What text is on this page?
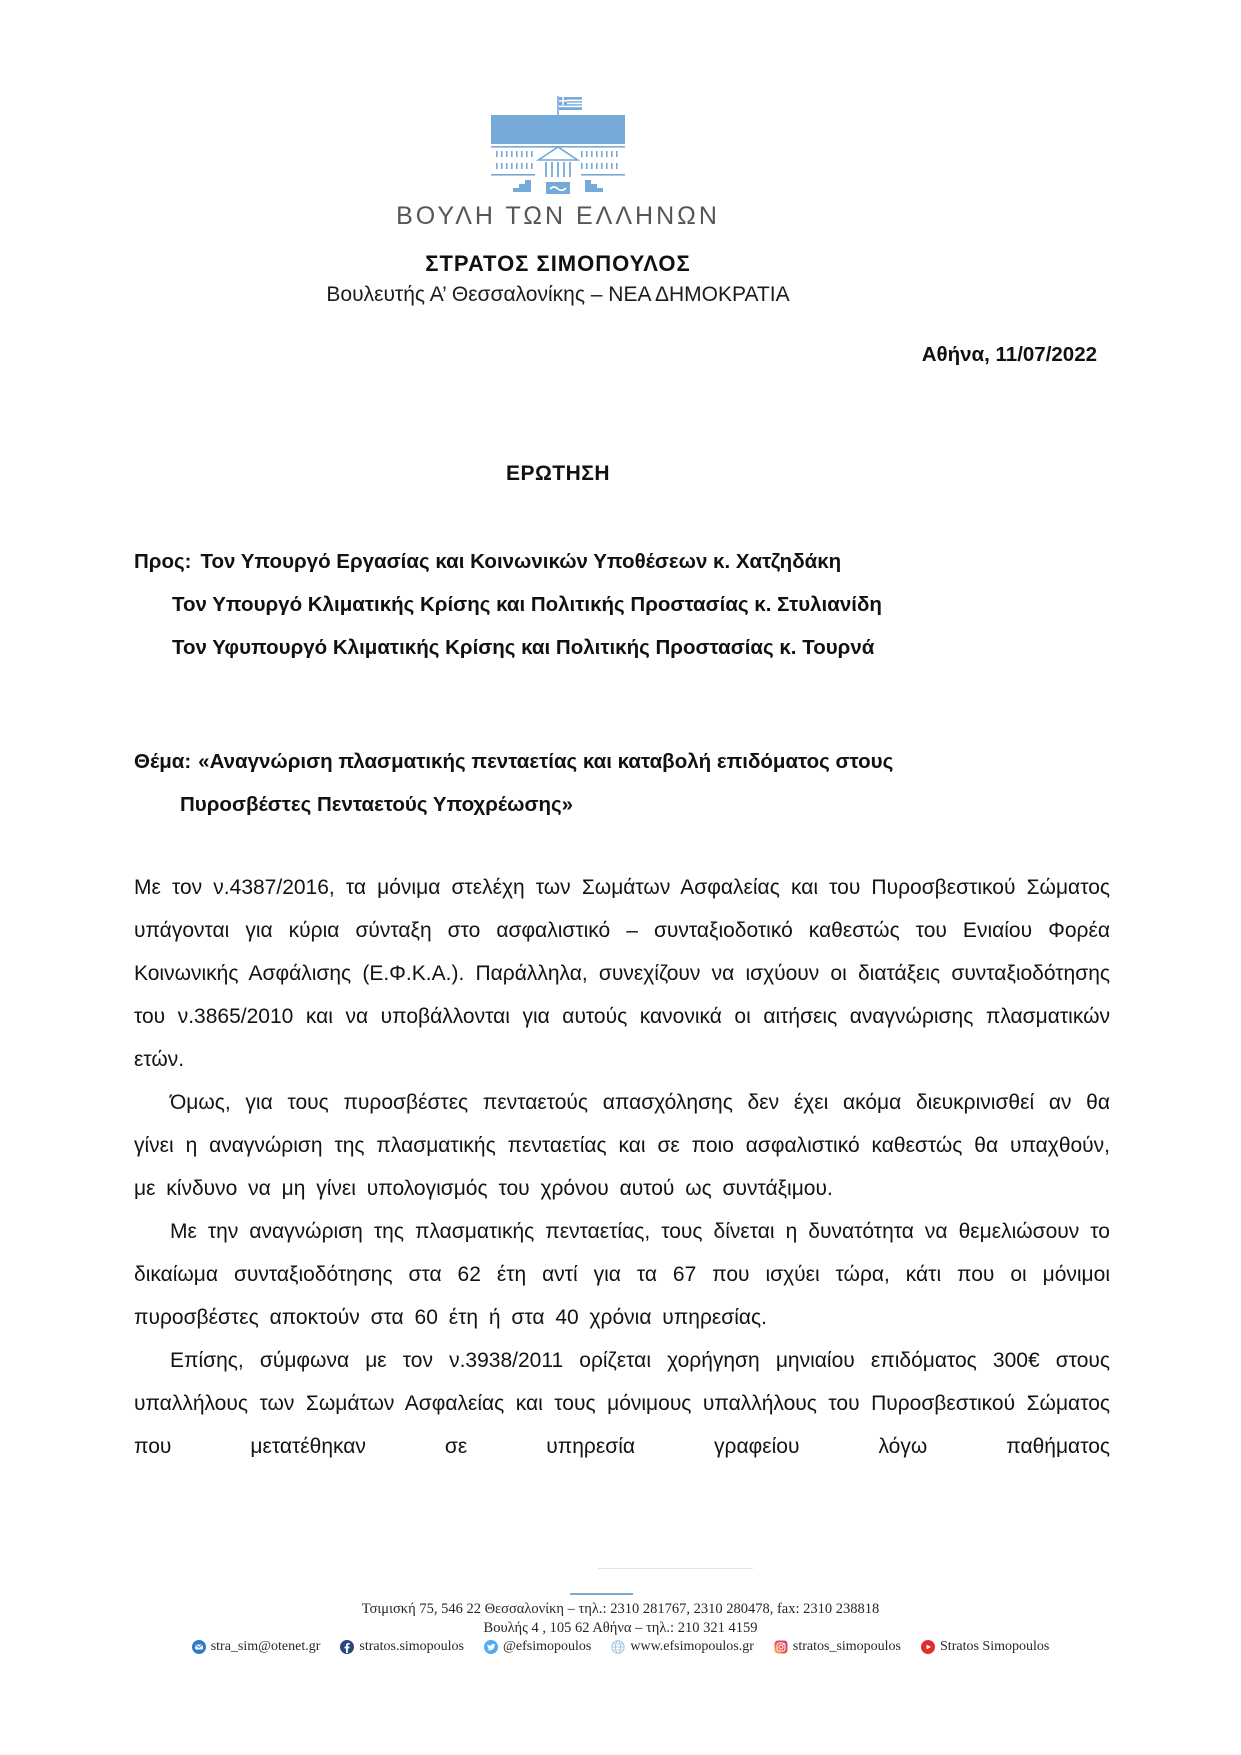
ΒΟΥΛΗ ΤΩΝ ΕΛΛΗΝΩΝ
ΣΤΡΑΤΟΣ ΣΙΜΟΠΟΥΛΟΣ
Βουλευτής Α’ Θεσσαλονίκης – ΝΕΑ ΔΗΜΟΚΡΑΤΙΑ
Αθήνα, 11/07/2022
ΕΡΩΤΗΣΗ
Προς: Τον Υπουργό Εργασίας και Κοινωνικών Υποθέσεων κ. Χατζηδάκη
Τον Υπουργό Κλιματικής Κρίσης και Πολιτικής Προστασίας κ. Στυλιανίδη
Τον Υφυπουργό Κλιματικής Κρίσης και Πολιτικής Προστασίας κ. Τουρνά
Θέμα: «Αναγνώριση πλασματικής πενταετίας και καταβολή επιδόματος στους
Πυροσβέστες Πενταετούς Υποχρέωσης»

Με τον ν.4387/2016, τα μόνιμα στελέχη των Σωμάτων Ασφαλείας και του Πυροσβεστικού Σώματος υπάγονται για κύρια σύνταξη στο ασφαλιστικό – συνταξιοδοτικό καθεστώς του Ενιαίου Φορέα Κοινωνικής Ασφάλισης (Ε.Φ.Κ.Α.). Παράλληλα, συνεχίζουν να ισχύουν οι διατάξεις συνταξιοδότησης του ν.3865/2010 και να υποβάλλονται για αυτούς κανονικά οι αιτήσεις αναγνώρισης πλασματικών ετών.

Όμως, για τους πυροσβέστες πενταετούς απασχόλησης δεν έχει ακόμα διευκρινισθεί αν θα γίνει η αναγνώριση της πλασματικής πενταετίας και σε ποιο ασφαλιστικό καθεστώς θα υπαχθούν, με κίνδυνο να μη γίνει υπολογισμός του χρόνου αυτού ως συντάξιμου.

Με την αναγνώριση της πλασματικής πενταετίας, τους δίνεται η δυνατότητα να θεμελιώσουν το δικαίωμα συνταξιοδότησης στα 62 έτη αντί για τα 67 που ισχύει τώρα, κάτι που οι μόνιμοι πυροσβέστες αποκτούν στα 60 έτη ή στα 40 χρόνια υπηρεσίας.

Επίσης, σύμφωνα με τον ν.3938/2011 ορίζεται χορήγηση μηνιαίου επιδόματος 300€ στους υπαλλήλους των Σωμάτων Ασφαλείας και τους μόνιμους υπαλλήλους του Πυροσβεστικού Σώματος που μετατέθηκαν σε υπηρεσία γραφείου λόγω παθήματος

Τσιμισκή 75, 546 22 Θεσσαλονίκη – τηλ.: 2310 281767, 2310 280478, fax: 2310 238818
Βουλής 4 , 105 62 Αθήνα – τηλ.: 210 321 4159
stra_sim@otenet.gr	stratos.simopoulos	@efsimopoulos	www.efsimopoulos.gr	stratos_simopoulos	Stratos Simopoulos
